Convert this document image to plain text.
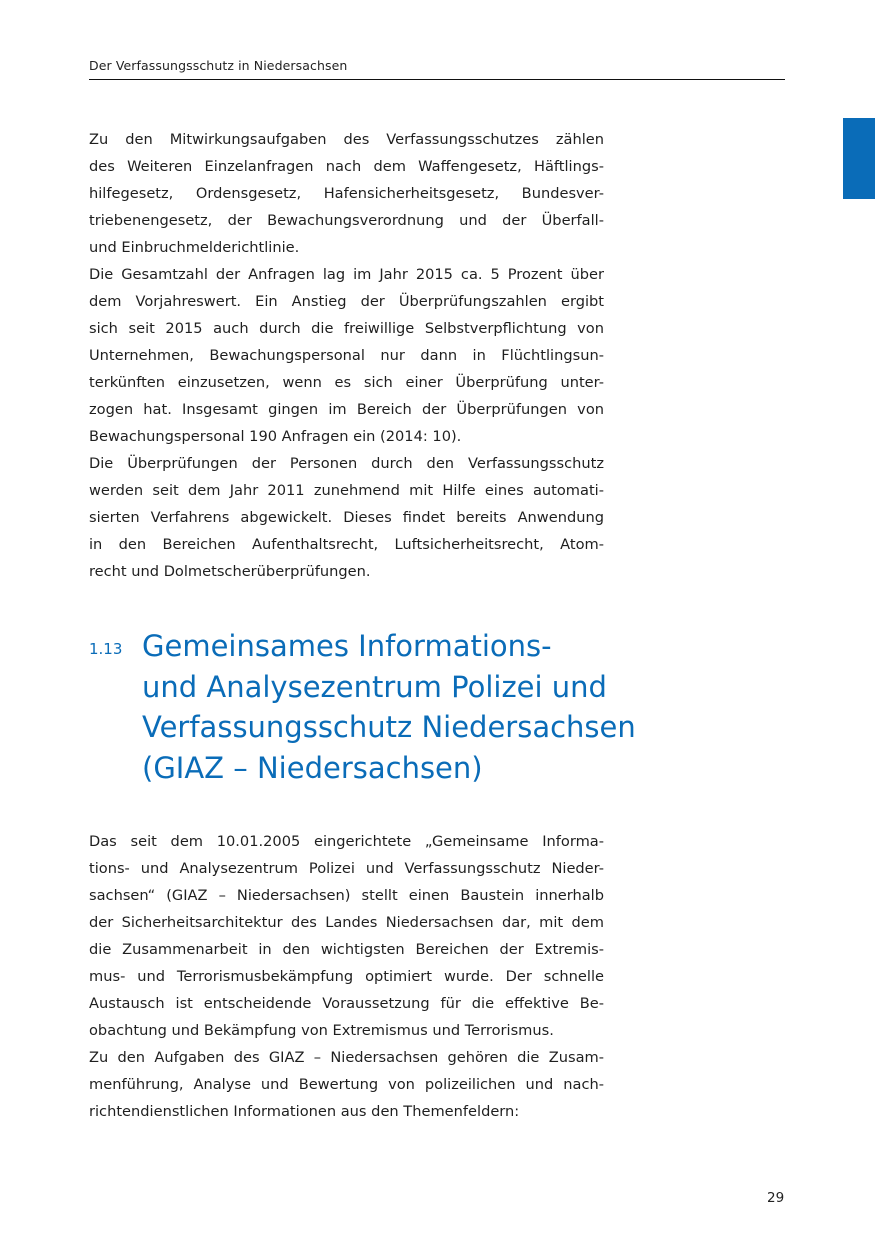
Der Verfassungsschutz in Niedersachsen

Zu den Mitwirkungsaufgaben des Verfassungsschutzes zählen
des Weiteren Einzelanfragen nach dem Waffengesetz, Häftlings-
hilfegesetz, Ordensgesetz, Hafensicherheitsgesetz, Bundesver-
triebenengesetz, der Bewachungsverordnung und der Überfall-
und Einbruchmelderichtlinie.

Die Gesamtzahl der Anfragen lag im Jahr 2015 ca. 5 Prozent über
dem Vorjahreswert. Ein Anstieg der Überprüfungszahlen ergibt
sich seit 2015 auch durch die freiwillige Selbstverpflichtung von
Unternehmen, Bewachungspersonal nur dann in Flüchtlingsun-
terkünften einzusetzen, wenn es sich einer Überprüfung unter-
zogen hat. Insgesamt gingen im Bereich der Überprüfungen von
Bewachungspersonal 190 Anfragen ein (2014: 10).

Die Überprüfungen der Personen durch den Verfassungsschutz
werden seit dem Jahr 2011 zunehmend mit Hilfe eines automati-
sierten Verfahrens abgewickelt. Dieses findet bereits Anwendung
in den Bereichen Aufenthaltsrecht, Luftsicherheitsrecht, Atom-
recht und Dolmetscherüberprüfungen.

1.13 Gemeinsames Informations-
und Analysezentrum Polizei und
Verfassungsschutz Niedersachsen
(GIAZ – Niedersachsen)

Das seit dem 10.01.2005 eingerichtete „Gemeinsame Informa-
tions- und Analysezentrum Polizei und Verfassungsschutz Nieder-
sachsen“ (GIAZ – Niedersachsen) stellt einen Baustein innerhalb
der Sicherheitsarchitektur des Landes Niedersachsen dar, mit dem
die Zusammenarbeit in den wichtigsten Bereichen der Extremis-
mus- und Terrorismusbekämpfung optimiert wurde. Der schnelle
Austausch ist entscheidende Voraussetzung für die effektive Be-
obachtung und Bekämpfung von Extremismus und Terrorismus.

Zu den Aufgaben des GIAZ – Niedersachsen gehören die Zusam-
menführung, Analyse und Bewertung von polizeilichen und nach-
richtendienstlichen Informationen aus den Themenfeldern:

29
